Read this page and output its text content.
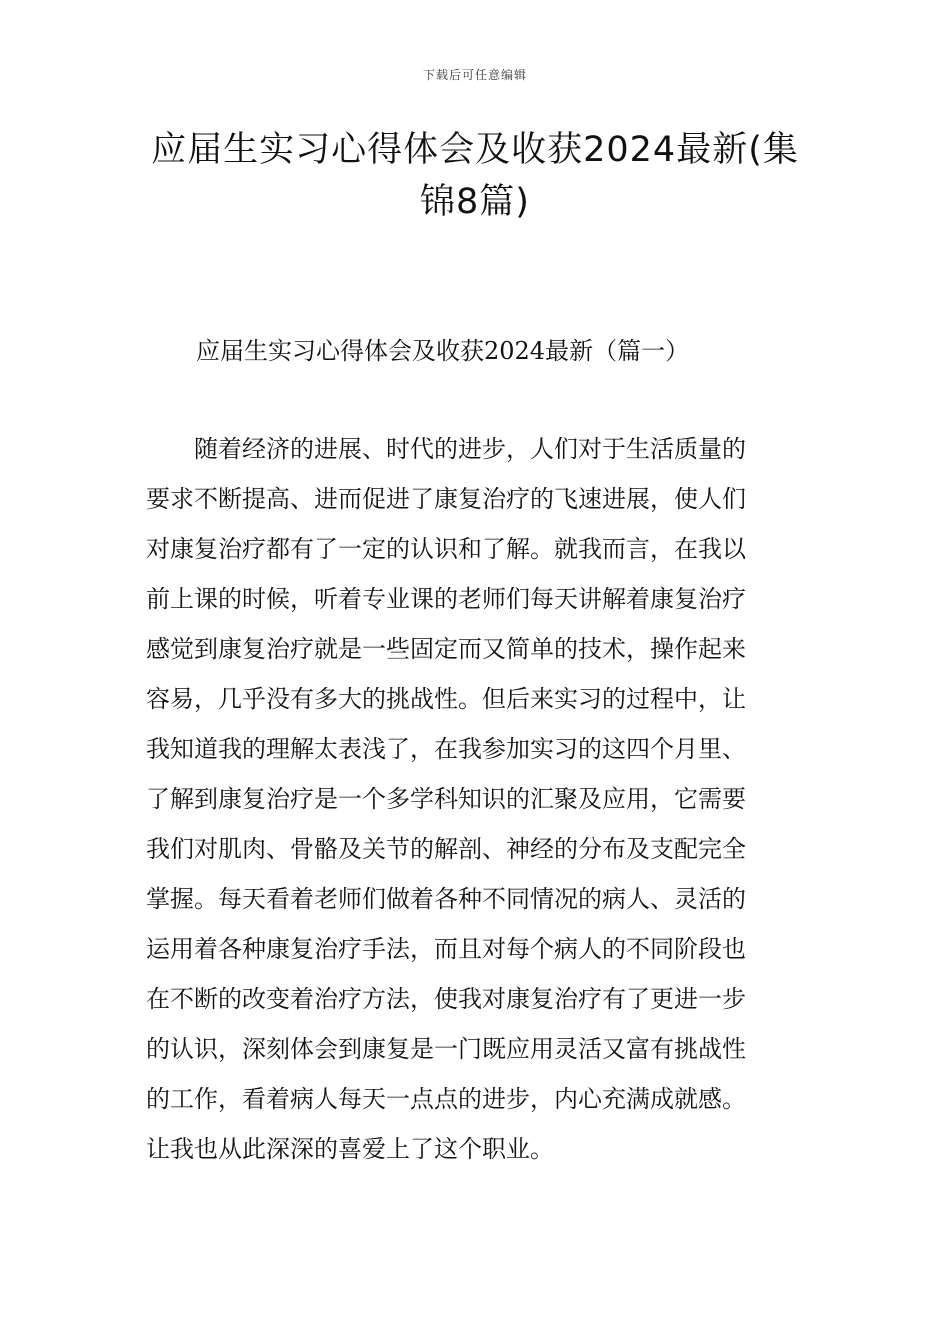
下载后可任意编辑
应届生实习心得体会及收获2024最新(集
锦8篇)
应届生实习心得体会及收获2024最新（篇一）
　　随着经济的进展、时代的进步，人们对于生活质量的
要求不断提高、进而促进了康复治疗的飞速进展，使人们
对康复治疗都有了一定的认识和了解。就我而言，在我以
前上课的时候，听着专业课的老师们每天讲解着康复治疗
感觉到康复治疗就是一些固定而又简单的技术，操作起来
容易，几乎没有多大的挑战性。但后来实习的过程中，让
我知道我的理解太表浅了，在我参加实习的这四个月里、
了解到康复治疗是一个多学科知识的汇聚及应用，它需要
我们对肌肉、骨骼及关节的解剖、神经的分布及支配完全
掌握。每天看着老师们做着各种不同情况的病人、灵活的
运用着各种康复治疗手法，而且对每个病人的不同阶段也
在不断的改变着治疗方法，使我对康复治疗有了更进一步
的认识，深刻体会到康复是一门既应用灵活又富有挑战性
的工作，看着病人每天一点点的进步，内心充满成就感。
让我也从此深深的喜爱上了这个职业。
